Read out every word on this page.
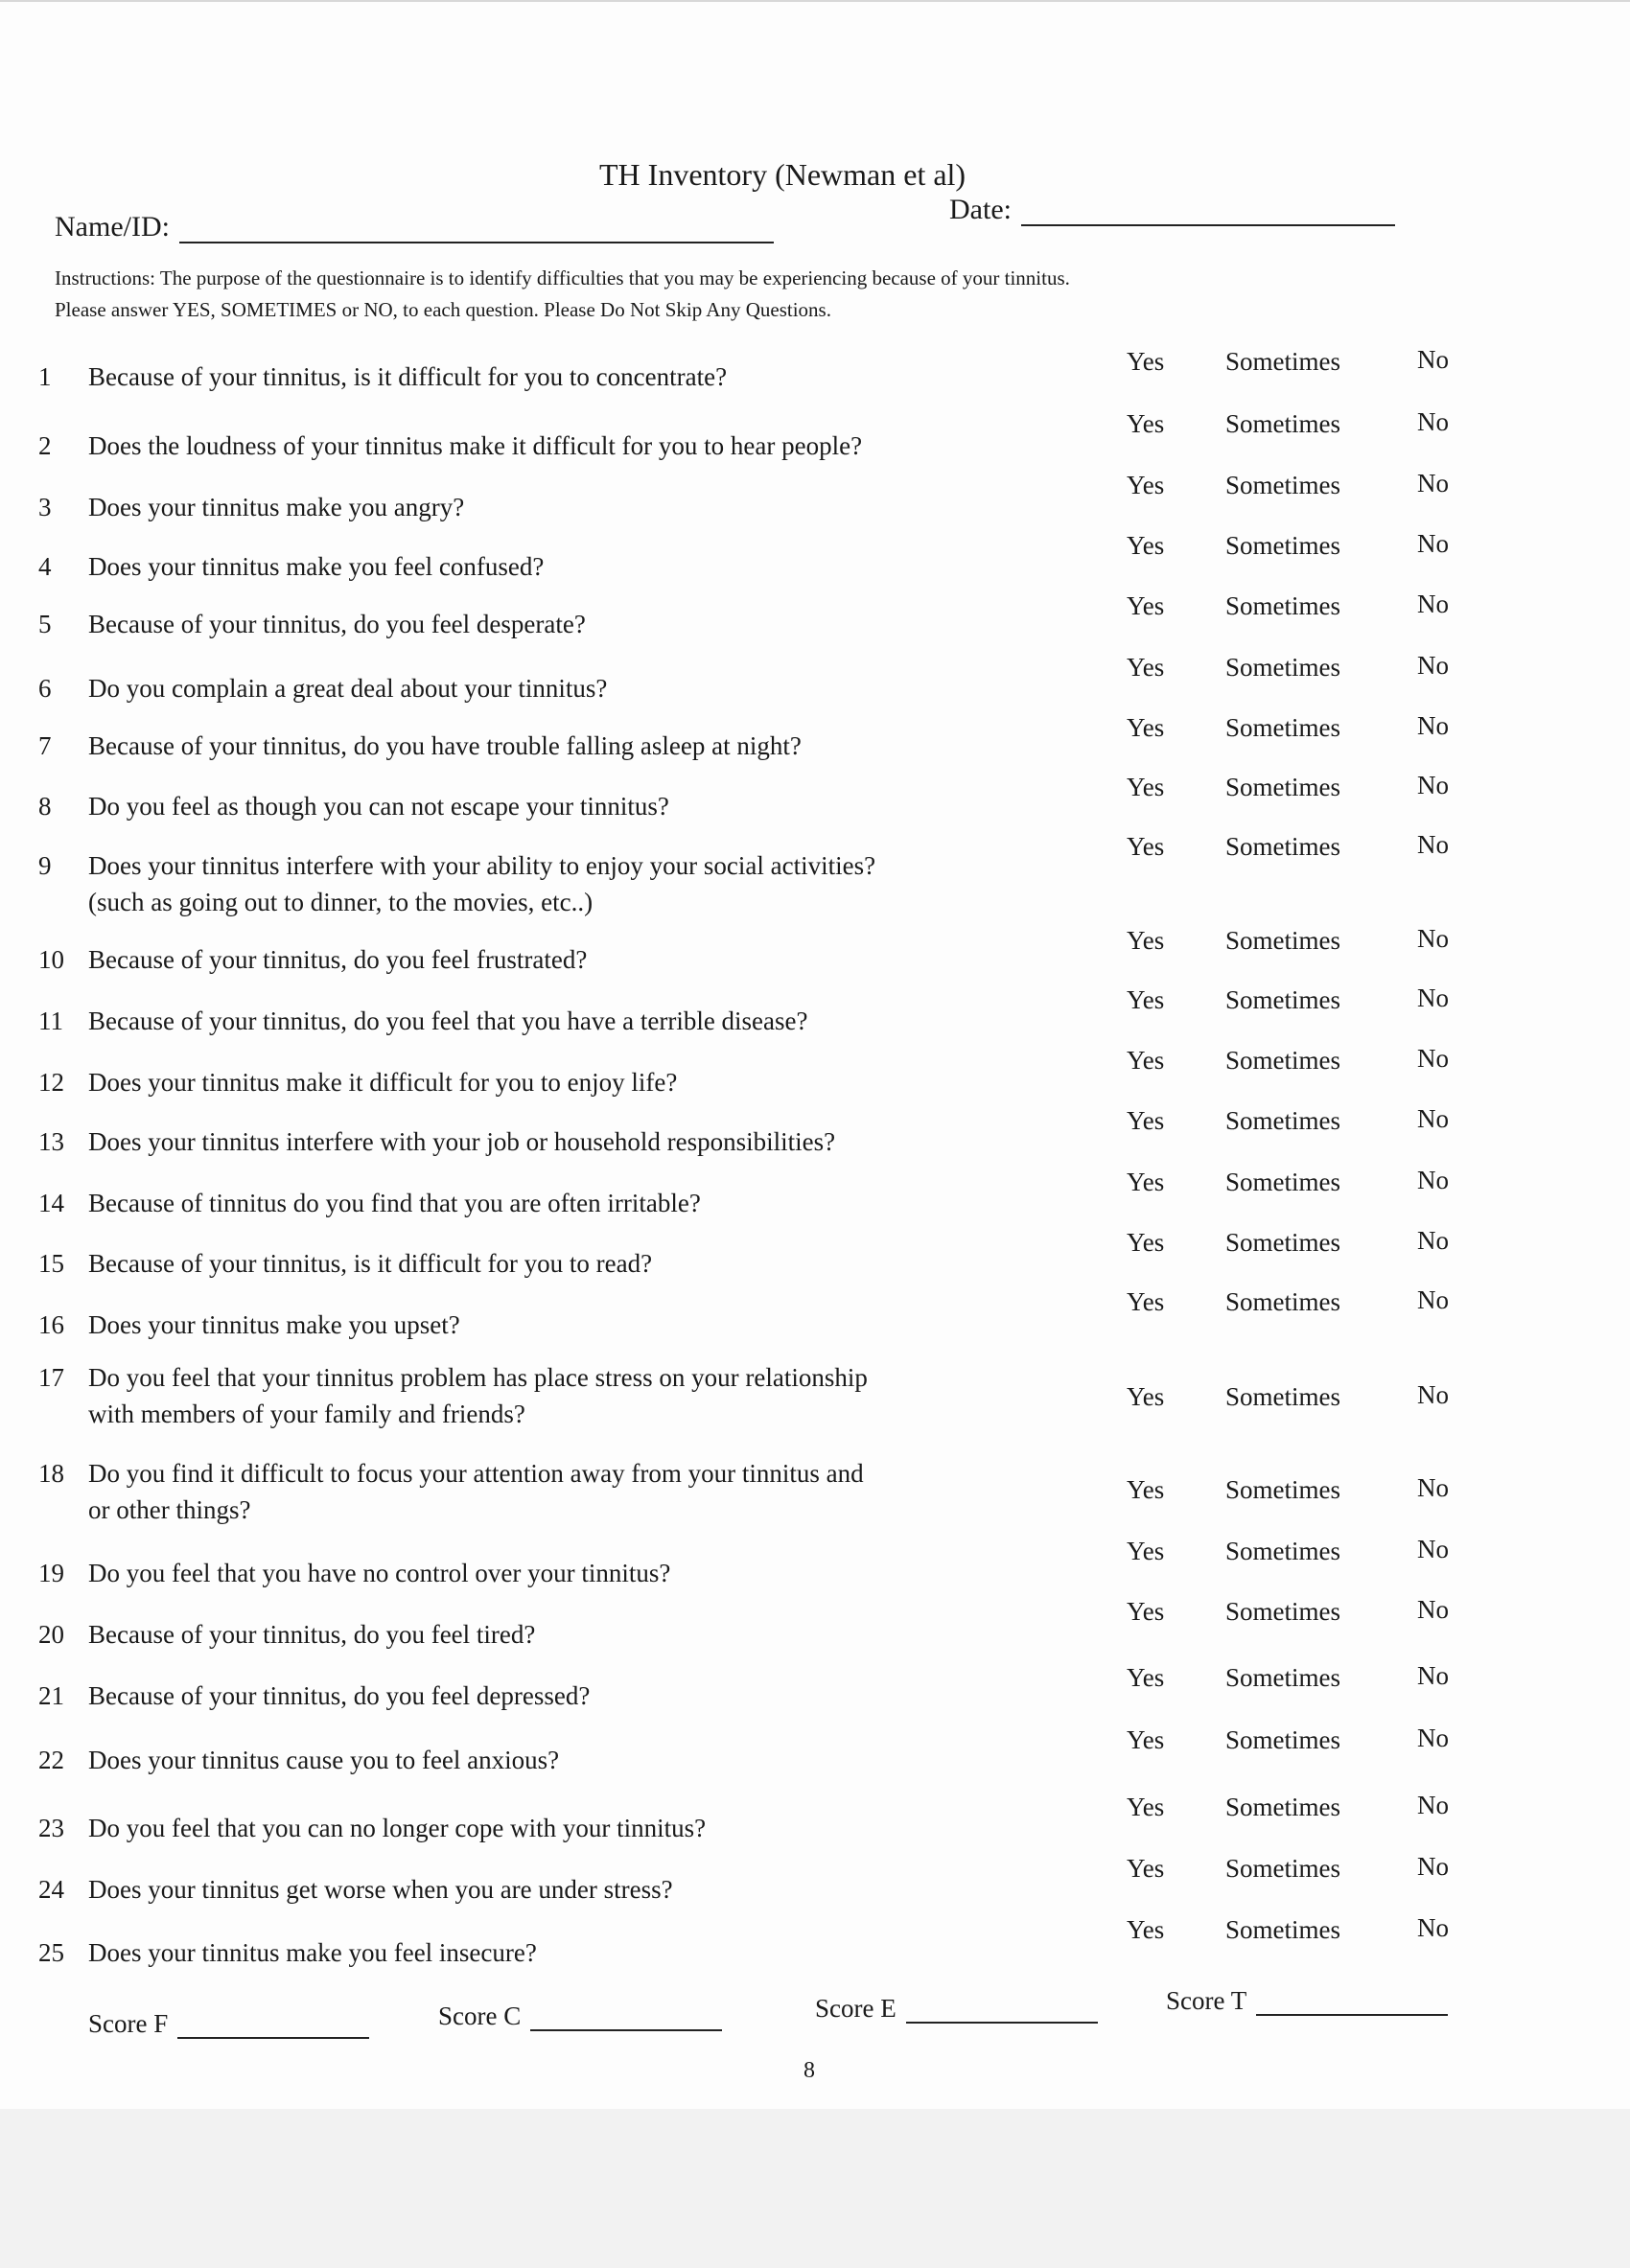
TH Inventory (Newman et al)
Name/ID:
Date:
Instructions: The purpose of the questionnaire is to identify difficulties that you may be experiencing because of your tinnitus.
Please answer YES, SOMETIMES or NO, to each question. Please Do Not Skip Any Questions.
1	Because of your tinnitus, is it difficult for you to concentrate?
Yes Sometimes	No
2	Does the loudness of your tinnitus make it difficult for you to hear people?
Yes Sometimes	No
3	Does your tinnitus make you angry?
Yes Sometimes	No
4	Does your tinnitus make you feel confused?
Yes Sometimes	No
5	Because of your tinnitus, do you feel desperate?
Yes Sometimes	No
6	Do you complain a great deal about your tinnitus?
Yes Sometimes	No
7	Because of your tinnitus, do you have trouble falling asleep at night?
Yes Sometimes	No
8	Do you feel as though you can not escape your tinnitus?
Yes Sometimes	No
9	Does your tinnitus interfere with your ability to enjoy your social activities?
(such as going out to dinner, to the movies, etc..)
Yes Sometimes	No
10 Because of your tinnitus, do you feel frustrated?
Yes Sometimes	No
11 Because of your tinnitus, do you feel that you have a terrible disease?
Yes Sometimes	No
12 Does your tinnitus make it difficult for you to enjoy life?
Yes Sometimes	No
13 Does your tinnitus interfere with your job or household responsibilities?
Yes Sometimes	No
14 Because of tinnitus do you find that you are often irritable?
Yes Sometimes	No
15 Because of your tinnitus, is it difficult for you to read?
Yes Sometimes	No
16 Does your tinnitus make you upset?
Yes Sometimes	No
17 Do you feel that your tinnitus problem has place stress on your relationship
with members of your family and friends?
Yes Sometimes	No
18 Do you find it difficult to focus your attention away from your tinnitus and
or other things?
Yes Sometimes	No
19 Do you feel that you have no control over your tinnitus?
Yes Sometimes	No
20 Because of your tinnitus, do you feel tired?
Yes Sometimes	No
21 Because of your tinnitus, do you feel depressed?
Yes Sometimes	No
22 Does your tinnitus cause you to feel anxious?
Yes Sometimes	No
23 Do you feel that you can no longer cope with your tinnitus?
Yes Sometimes	No
24 Does your tinnitus get worse when you are under stress?
Yes Sometimes	No
25 Does your tinnitus make you feel insecure?
Yes Sometimes	No
Score F	Score C	Score E	Score T
8
